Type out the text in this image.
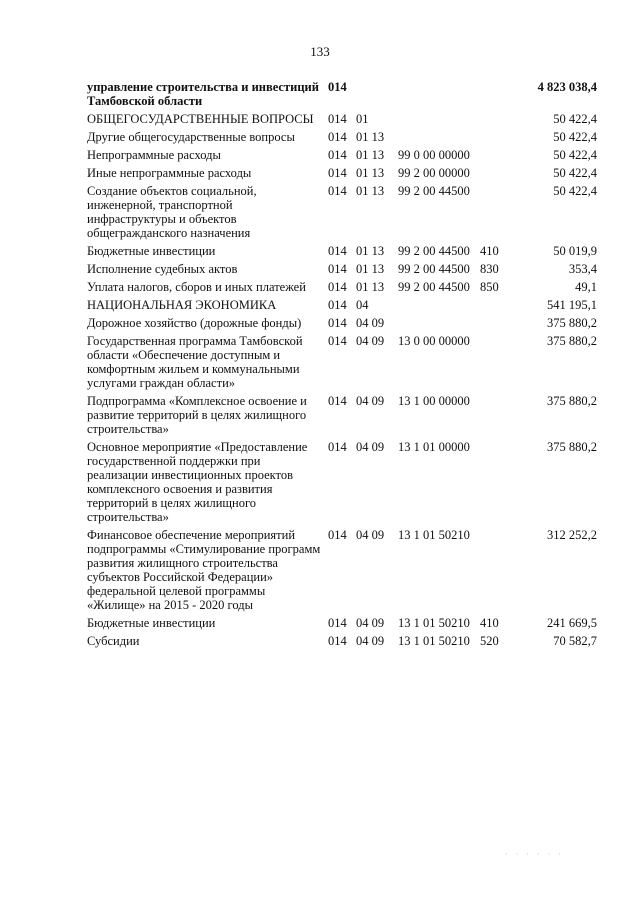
133
управление строительства и инвестиций Тамбовской области	014				4 823 038,4
ОБЩЕГОСУДАРСТВЕННЫЕ ВОПРОСЫ	014	01			50 422,4
Другие общегосударственные вопросы	014	01 13			50 422,4
Непрограммные расходы	014	01 13	99 0 00 00000		50 422,4
Иные непрограммные расходы	014	01 13	99 2 00 00000		50 422,4
Создание объектов социальной, инженерной, транспортной инфраструктуры и объектов общегражданского назначения	014	01 13	99 2 00 44500		50 422,4
Бюджетные инвестиции	014	01 13	99 2 00 44500	410	50 019,9
Исполнение судебных актов	014	01 13	99 2 00 44500	830	353,4
Уплата налогов, сборов и иных платежей	014	01 13	99 2 00 44500	850	49,1
НАЦИОНАЛЬНАЯ ЭКОНОМИКА	014	04			541 195,1
Дорожное хозяйство (дорожные фонды)	014	04 09			375 880,2
Государственная программа Тамбовской области «Обеспечение доступным и комфортным жильем и коммунальными услугами граждан области»	014	04 09	13 0 00 00000		375 880,2
Подпрограмма «Комплексное освоение и развитие территорий в целях жилищного строительства»	014	04 09	13 1 00 00000		375 880,2
Основное мероприятие «Предоставление государственной поддержки при реализации инвестиционных проектов комплексного освоения и развития территорий в целях жилищного строительства»	014	04 09	13 1 01 00000		375 880,2
Финансовое обеспечение мероприятий подпрограммы «Стимулирование программ развития жилищного строительства субъектов Российской Федерации» федеральной целевой программы «Жилище» на 2015 - 2020 годы	014	04 09	13 1 01 50210		312 252,2
Бюджетные инвестиции	014	04 09	13 1 01 50210	410	241 669,5
Субсидии	014	04 09	13 1 01 50210	520	70 582,7
· · · · · ·
